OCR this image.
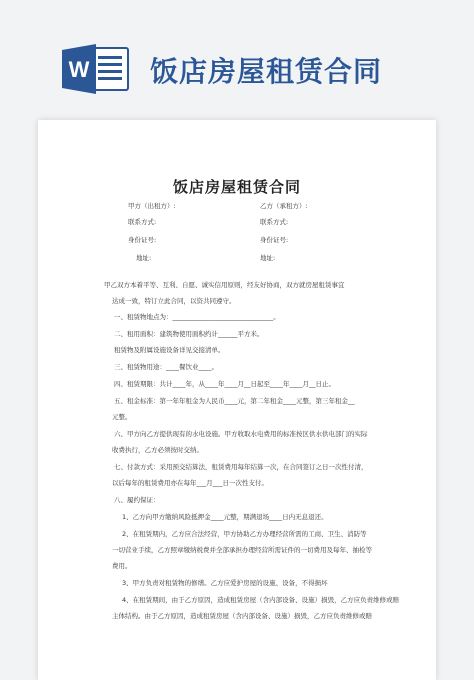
W 饭店房屋租赁合同
饭店房屋租赁合同
甲方（出租方）:	乙方（承租方）:
联系方式:	联系方式:
身份证号:	身份证号:
地址:	地址:
甲乙双方本着平等、互利、自愿、诚实信用原则，经友好协商，双方就房屋租赁事宜
达成一致，特订立此合同，以资共同遵守。
一、租赁物地点为：_______________________________。
二、租用面积：建筑物使用面积约计______平方米。
租赁物及附属设施设备详见交接清单。
三、租赁物用途：____餐饮业____。
四、租赁期限：共计____年，从____年____月__日起至____年____月__日止。
五、租金标准：第一年年租金为人民币____元，第二年租金____元整，第三年租金__
元整。
六、甲方向乙方提供现有的水电设施。甲方收取水电费用的标准按区供水供电部门的实际
收费执行，乙方必须按时交纳。
七、付款方式：采用预交结算法，租赁费用每年结算一次，在合同签订之日一次性付清，
以后每年的租赁费用亦在每年___月___日一次性支付。
八、履约保证：
1、乙方向甲方缴纳风险抵押金____元整，期满退场____日内无息退还。
2、在租赁期内，乙方应合法经营，甲方协助乙方办理经营所需的工商、卫生、消防等
一切营业手续，乙方照章缴纳税费并全部承担办理经营所需证件的一切费用及每年、抽检等
费用。
3、甲方负责对租赁物的修缮。乙方应爱护房屋的设施、设备，不得损坏
4、在租赁期间，由于乙方原因，造成租赁房屋（含内部设备、设施）损毁，乙方应负责维修或赔
主体结构。由于乙方原因，造成租赁房屋（含内部设备、设施）损毁，乙方应负责维修或赔
